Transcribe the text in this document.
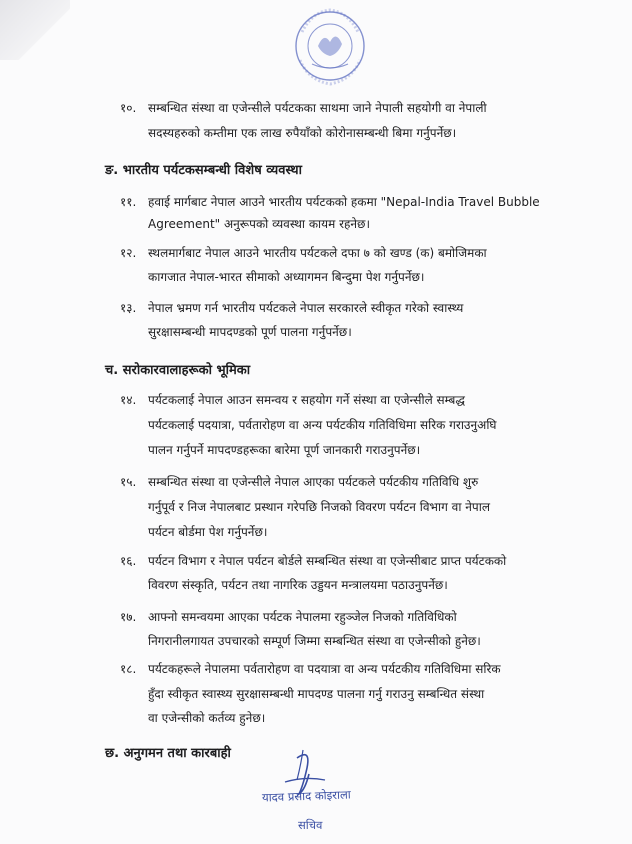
१०. सम्बन्धित संस्था वा एजेन्सीले पर्यटकका साथमा जाने नेपाली सहयोगी वा नेपाली
सदस्यहरुको कम्तीमा एक लाख रुपैयाँको कोरोनासम्बन्धी बिमा गर्नुपर्नेछ।
ङ. भारतीय पर्यटकसम्बन्धी विशेष व्यवस्था
११. हवाई मार्गबाट नेपाल आउने भारतीय पर्यटकको हकमा "Nepal-India Travel Bubble
Agreement" अनुरूपको व्यवस्था कायम रहनेछ।
१२. स्थलमार्गबाट नेपाल आउने भारतीय पर्यटकले दफा ७ को खण्ड (क) बमोजिमका
कागजात नेपाल-भारत सीमाको अध्यागमन बिन्दुमा पेश गर्नुपर्नेछ।
१३. नेपाल भ्रमण गर्न भारतीय पर्यटकले नेपाल सरकारले स्वीकृत गरेको स्वास्थ्य
सुरक्षासम्बन्धी मापदण्डको पूर्ण पालना गर्नुपर्नेछ।
च. सरोकारवालाहरूको भूमिका
१४. पर्यटकलाई नेपाल आउन समन्वय र सहयोग गर्ने संस्था वा एजेन्सीले सम्बद्ध
पर्यटकलाई पदयात्रा, पर्वतारोहण वा अन्य पर्यटकीय गतिविधिमा सरिक गराउनुअघि
पालन गर्नुपर्ने मापदण्डहरूका बारेमा पूर्ण जानकारी गराउनुपर्नेछ।
१५. सम्बन्धित संस्था वा एजेन्सीले नेपाल आएका पर्यटकले पर्यटकीय गतिविधि शुरु
गर्नुपूर्व र निज नेपालबाट प्रस्थान गरेपछि निजको विवरण पर्यटन विभाग वा नेपाल
पर्यटन बोर्डमा पेश गर्नुपर्नेछ।
१६. पर्यटन विभाग र नेपाल पर्यटन बोर्डले सम्बन्धित संस्था वा एजेन्सीबाट प्राप्त पर्यटकको
विवरण संस्कृति, पर्यटन तथा नागरिक उड्डयन मन्त्रालयमा पठाउनुपर्नेछ।
१७. आफ्नो समन्वयमा आएका पर्यटक नेपालमा रहुञ्जेल निजको गतिविधिको
निगरानीलगायत उपचारको सम्पूर्ण जिम्मा सम्बन्धित संस्था वा एजेन्सीको हुनेछ।
१८. पर्यटकहरूले नेपालमा पर्वतारोहण वा पदयात्रा वा अन्य पर्यटकीय गतिविधिमा सरिक
हुँदा स्वीकृत स्वास्थ्य सुरक्षासम्बन्धी मापदण्ड पालना गर्नु गराउनु सम्बन्धित संस्था
वा एजेन्सीको कर्तव्य हुनेछ।
छ. अनुगमन तथा कारबाही
यादव प्रसाद कोइराला
सचिव
